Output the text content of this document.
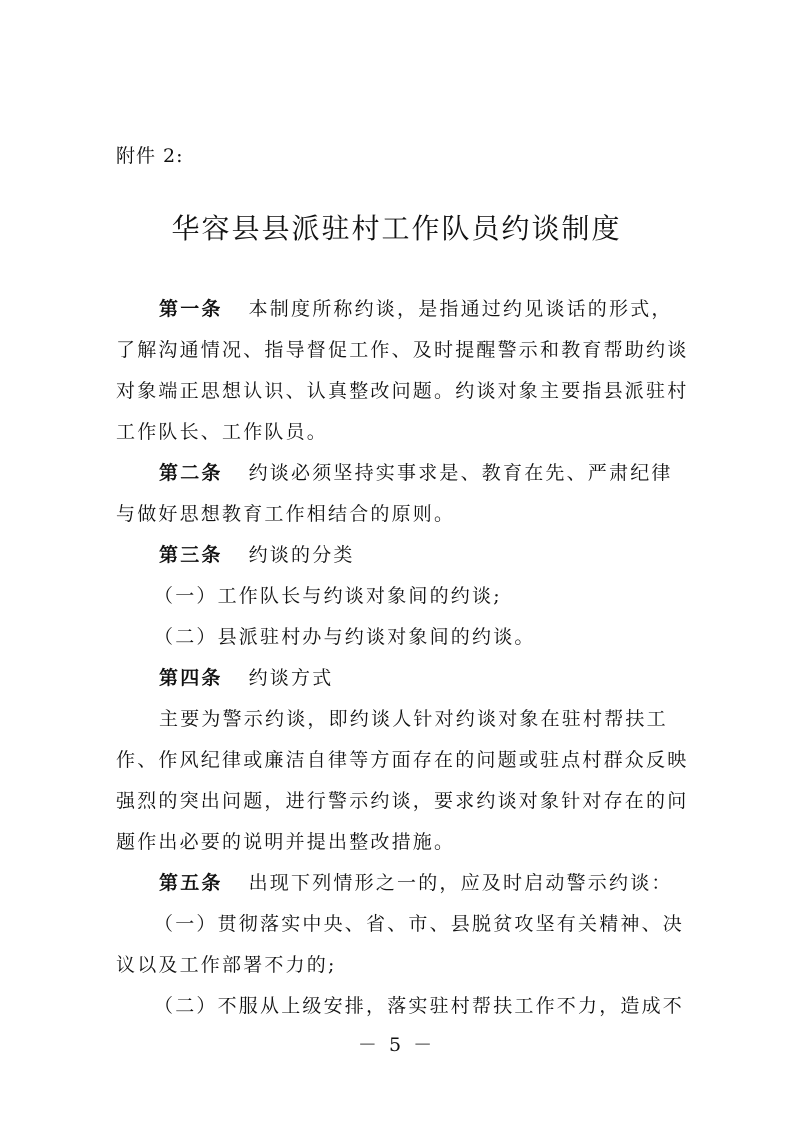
附件 2:
华容县县派驻村工作队员约谈制度
第一条 本制度所称约谈，是指通过约见谈话的形式，
了解沟通情况、指导督促工作、及时提醒警示和教育帮助约谈
对象端正思想认识、认真整改问题。约谈对象主要指县派驻村
工作队长、工作队员。
第二条 约谈必须坚持实事求是、教育在先、严肃纪律
与做好思想教育工作相结合的原则。
第三条 约谈的分类
（一）工作队长与约谈对象间的约谈;
（二）县派驻村办与约谈对象间的约谈。
第四条 约谈方式
主要为警示约谈，即约谈人针对约谈对象在驻村帮扶工
作、作风纪律或廉洁自律等方面存在的问题或驻点村群众反映
强烈的突出问题，进行警示约谈，要求约谈对象针对存在的问
题作出必要的说明并提出整改措施。
第五条 出现下列情形之一的，应及时启动警示约谈：
（一）贯彻落实中央、省、市、县脱贫攻坚有关精神、决
议以及工作部署不力的;
（二）不服从上级安排，落实驻村帮扶工作不力，造成不
－ 5 －
